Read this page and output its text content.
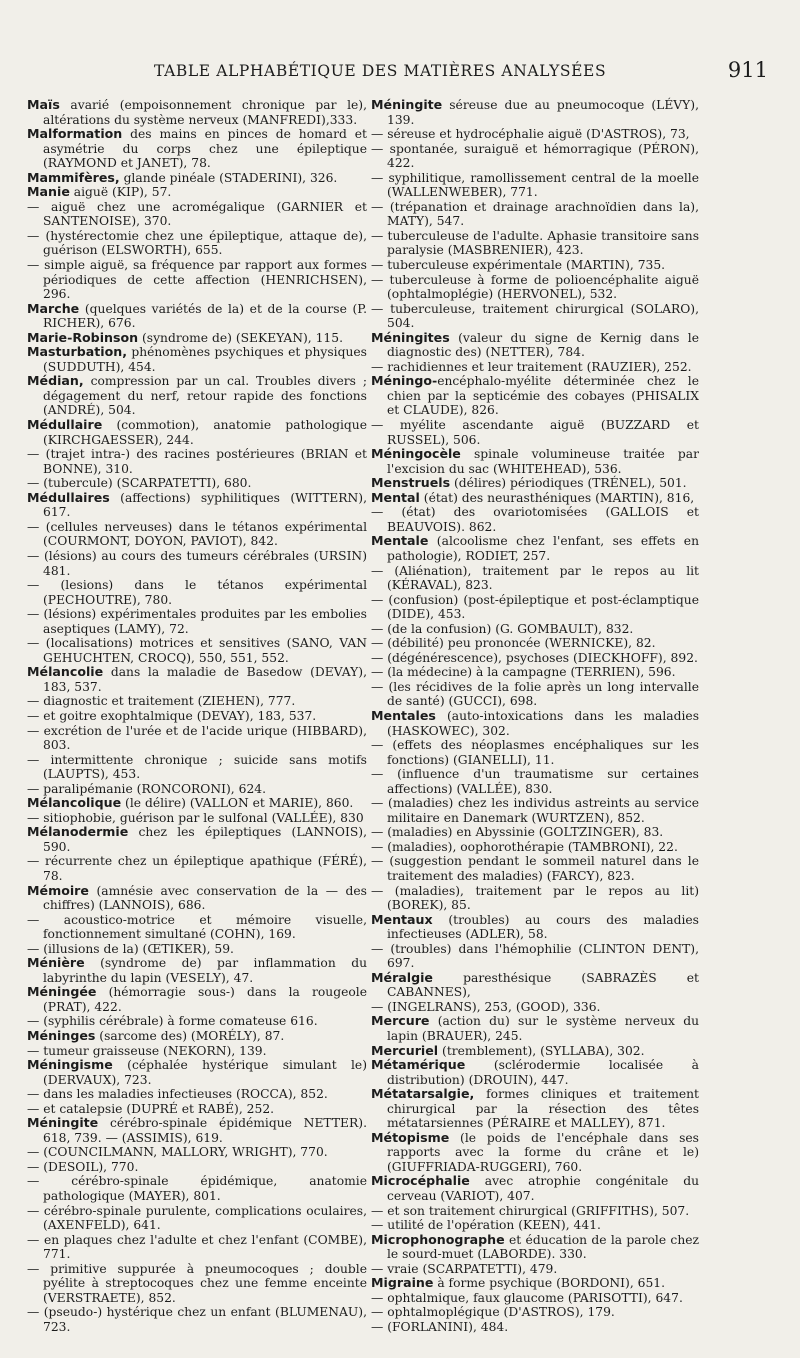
TABLE ALPHABÉTIQUE DES MATIÈRES ANALYSÉES	911

Maïs avarié (empoisonnement chronique par le), altérations du système nerveux (MANFREDI),333.

Malformation des mains en pinces de homard et asymétrie du corps chez une épileptique (RAYMOND et JANET), 78.

Mammifères, glande pinéale (STADERINI), 326.

Manie aiguë (KIP), 57.

— aiguë chez une acromégalique (GARNIER et SANTENOISE), 370.

— (hystérectomie chez une épileptique, attaque de), guérison (ELSWORTH), 655.

— simple aiguë, sa fréquence par rapport aux formes périodiques de cette affection (HENRICHSEN), 296.

Marche (quelques variétés de la) et de la course (P. RICHER), 676.

Marie-Robinson (syndrome de) (SEKEYAN), 115.

Masturbation, phénomènes psychiques et physiques (SUDDUTH), 454.

Médian, compression par un cal. Troubles divers ; dégagement du nerf, retour rapide des fonctions (ANDRÉ), 504.

Médullaire (commotion), anatomie pathologique (KIRCHGAESSER), 244.

— (trajet intra-) des racines postérieures (BRIAN et BONNE), 310.

— (tubercule) (SCARPATETTI), 680.

Médullaires (affections) syphilitiques (WITTERN), 617.

— (cellules nerveuses) dans le tétanos expérimental (COURMONT, DOYON, PAVIOT), 842.

— (lésions) au cours des tumeurs cérébrales (URSIN) 481.

— (lesions) dans le tétanos expérimental (PECHOUTRE), 780.

— (lésions) expérimentales produites par les embolies aseptiques (LAMY), 72.

— (localisations) motrices et sensitives (SANO, VAN GEHUCHTEN, CROCQ), 550, 551, 552.

Mélancolie dans la maladie de Basedow (DEVAY), 183, 537.

— diagnostic et traitement (ZIEHEN), 777.

— et goitre exophtalmique (DEVAY), 183, 537.

— excrétion de l'urée et de l'acide urique (HIBBARD), 803.

— intermittente chronique ; suicide sans motifs (LAUPTS), 453.

— paralipémanie (RONCORONI), 624.

Mélancolique (le délire) (VALLON et MARIE), 860.

— sitiophobie, guérison par le sulfonal (VALLÉE), 830

Mélanodermie chez les épileptiques (LANNOIS), 590.

— récurrente chez un épileptique apathique (FÉRÉ), 78.

Mémoire (amnésie avec conservation de la — des chiffres) (LANNOIS), 686.

— acoustico-motrice et mémoire visuelle, fonctionnement simultané (COHN), 169.

— (illusions de la) (ŒTIKER), 59.

Ménière (syndrome de) par inflammation du labyrinthe du lapin (VESELY), 47.

Méningée (hémorragie sous-) dans la rougeole (PRAT), 422.

— (syphilis cérébrale) à forme comateuse 616.

Méninges (sarcome des) (MORÉLY), 87.

— tumeur graisseuse (NEKORN), 139.

Méningisme (céphalée hystérique simulant le) (DERVAUX), 723.

— dans les maladies infectieuses (ROCCA), 852.

— et catalepsie (DUPRÉ et RABÉ), 252.

Méningite cérébro-spinale épidémique NETTER). 618, 739. — (ASSIMIS), 619.

— (COUNCILMANN, MALLORY, WRIGHT), 770.

— (DESOIL), 770.

— cérébro-spinale épidémique, anatomie pathologique (MAYER), 801.

— cérébro-spinale purulente, complications oculaires, (AXENFELD), 641.

— en plaques chez l'adulte et chez l'enfant (COMBE), 771.

— primitive suppurée à pneumocoques ; double pyélite à streptocoques chez une femme enceinte (VERSTRAETE), 852.

— (pseudo-) hystérique chez un enfant (BLUMENAU), 723.

Méningite séreuse due au pneumocoque (LÉVY), 139.

— séreuse et hydrocéphalie aiguë (D'ASTROS), 73,

— spontanée, suraiguë et hémorragique (PÉRON), 422.

— syphilitique, ramollissement central de la moelle (WALLENWEBER), 771.

— (trépanation et drainage arachnoïdien dans la), MATY), 547.

— tuberculeuse de l'adulte. Aphasie transitoire sans paralysie (MASBRENIER), 423.

— tuberculeuse expérimentale (MARTIN), 735.

— tuberculeuse à forme de polioencéphalite aiguë (ophtalmoplégie) (HERVONEL), 532.

— tuberculeuse, traitement chirurgical (SOLARO), 504.

Méningites (valeur du signe de Kernig dans le diagnostic des) (NETTER), 784.

— rachidiennes et leur traitement (RAUZIER), 252.

Méningo-encéphalo-myélite déterminée chez le chien par la septicémie des cobayes (PHISALIX et CLAUDE), 826.

— myélite ascendante aiguë (BUZZARD et RUSSEL), 506.

Méningocèle spinale volumineuse traitée par l'excision du sac (WHITEHEAD), 536.

Menstruels (délires) périodiques (TRÉNEL), 501.

Mental (état) des neurasthéniques (MARTIN), 816,

— (état) des ovariotomisées (GALLOIS et BEAUVOIS). 862.

Mentale (alcoolisme chez l'enfant, ses effets en pathologie), RODIET, 257.

— (Aliénation), traitement par le repos au lit (KÉRAVAL), 823.

— (confusion) (post-épileptique et post-éclamptique (DIDE), 453.

— (de la confusion) (G. GOMBAULT), 832.

— (débilité) peu prononcée (WERNICKE), 82.

— (dégénérescence), psychoses (DIECKHOFF), 892.

— (la médecine) à la campagne (TERRIEN), 596.

— (les récidives de la folie après un long intervalle de santé) (GUCCI), 698.

Mentales (auto-intoxications dans les maladies (HASKOWEC), 302.

— (effets des néoplasmes encéphaliques sur les fonctions) (GIANELLI), 11.

— (influence d'un traumatisme sur certaines affections) (VALLÉE), 830.

— (maladies) chez les individus astreints au service militaire en Danemark (WURTZEN), 852.

— (maladies) en Abyssinie (GOLTZINGER), 83.

— (maladies), oophorothérapie (TAMBRONI), 22.

— (suggestion pendant le sommeil naturel dans le traitement des maladies) (FARCY), 823.

— (maladies), traitement par le repos au lit) (BOREK), 85.

Mentaux (troubles) au cours des maladies infectieuses (ADLER), 58.

— (troubles) dans l'hémophilie (CLINTON DENT), 697.

Méralgie paresthésique (SABRAZÈS et CABANNES),

— (INGELRANS), 253, (GOOD), 336.

Mercure (action du) sur le système nerveux du lapin (BRAUER), 245.

Mercuriel (tremblement), (SYLLABA), 302.

Métamérique (sclérodermie localisée à distribution) (DROUIN), 447.

Métatarsalgie, formes cliniques et traitement chirurgical par la résection des têtes métatarsiennes (PÉRAIRE et MALLEY), 871.

Métopisme (le poids de l'encéphale dans ses rapports avec la forme du crâne et le) (GIUFFRIADA-RUGGERI), 760.

Microcéphalie avec atrophie congénitale du cerveau (VARIOT), 407.

— et son traitement chirurgical (GRIFFITHS), 507.

— utilité de l'opération (KEEN), 441.

Microphonographe et éducation de la parole chez le sourd-muet (LABORDE). 330.

— vraie (SCARPATETTI), 479.

Migraine à forme psychique (BORDONI), 651.

— ophtalmique, faux glaucome (PARISOTTI), 647.

— ophtalmoplégique (D'ASTROS), 179.

— (FORLANINI), 484.
